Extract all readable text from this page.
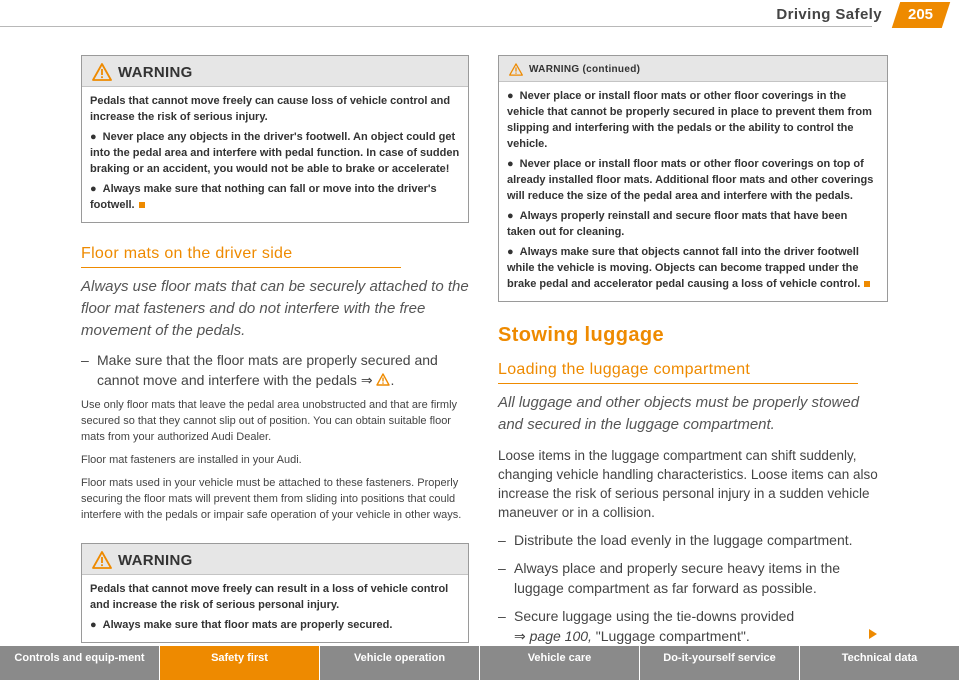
Driving Safely	205
WARNING

Pedals that cannot move freely can cause loss of vehicle control and increase the risk of serious injury.

● Never place any objects in the driver's footwell. An object could get into the pedal area and interfere with pedal function. In case of sudden braking or an accident, you would not be able to brake or accelerate!

● Always make sure that nothing can fall or move into the driver's footwell.

Floor mats on the driver side
Always use floor mats that can be securely attached to the floor mat fasteners and do not interfere with the free movement of the pedals.
– Make sure that the floor mats are properly secured and cannot move and interfere with the pedals ⇒ .

Use only floor mats that leave the pedal area unobstructed and that are firmly secured so that they cannot slip out of position. You can obtain suitable floor mats from your authorized Audi Dealer.

Floor mat fasteners are installed in your Audi.

Floor mats used in your vehicle must be attached to these fasteners. Properly securing the floor mats will prevent them from sliding into positions that could interfere with the pedals or impair safe operation of your vehicle in other ways.

WARNING

Pedals that cannot move freely can result in a loss of vehicle control and increase the risk of serious personal injury.

● Always make sure that floor mats are properly secured.

WARNING (continued)

● Never place or install floor mats or other floor coverings in the vehicle that cannot be properly secured in place to prevent them from slipping and interfering with the pedals or the ability to control the vehicle.

● Never place or install floor mats or other floor coverings on top of already installed floor mats. Additional floor mats and other coverings will reduce the size of the pedal area and interfere with the pedals.

● Always properly reinstall and secure floor mats that have been taken out for cleaning.

● Always make sure that objects cannot fall into the driver footwell while the vehicle is moving. Objects can become trapped under the brake pedal and accelerator pedal causing a loss of vehicle control.

Stowing luggage
Loading the luggage compartment
All luggage and other objects must be properly stowed and secured in the luggage compartment.

Loose items in the luggage compartment can shift suddenly, changing vehicle handling characteristics. Loose items can also increase the risk of serious personal injury in a sudden vehicle maneuver or in a collision.

– Distribute the load evenly in the luggage compartment.
– Always place and properly secure heavy items in the luggage compartment as far forward as possible.
– Secure luggage using the tie-downs provided
⇒ page 100, "Luggage compartment".
Controls and equip-ment	Safety first	Vehicle operation	Vehicle care	Do-it-yourself service	Technical data
